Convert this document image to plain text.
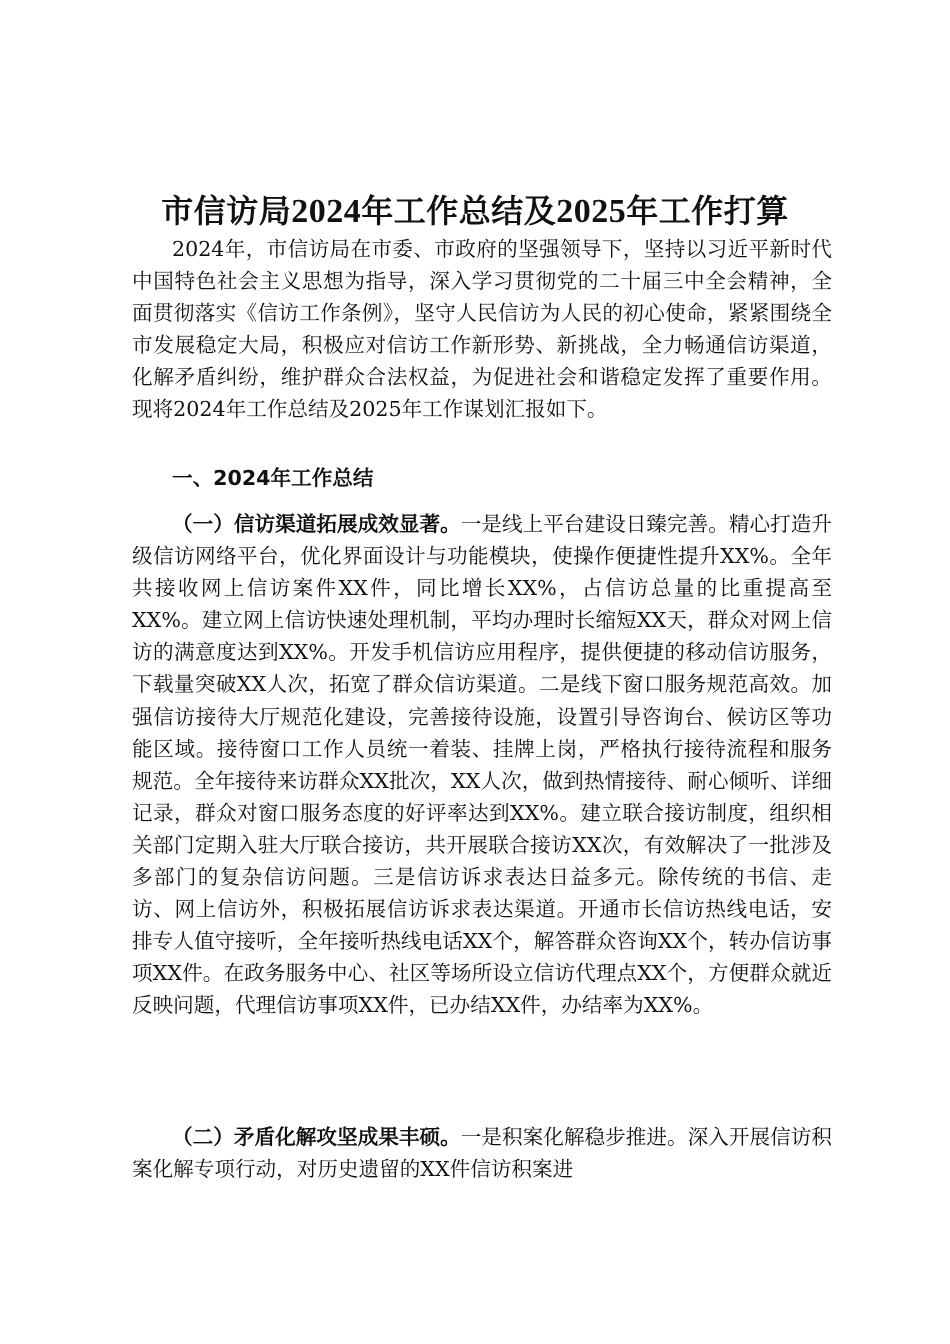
市信访局2024年工作总结及2025年工作打算

2024年，市信访局在市委、市政府的坚强领导下，坚持以习近平新时代中国特色社会主义思想为指导，深入学习贯彻党的二十届三中全会精神，全面贯彻落实《信访工作条例》，坚守人民信访为人民的初心使命，紧紧围绕全市发展稳定大局，积极应对信访工作新形势、新挑战，全力畅通信访渠道，化解矛盾纠纷，维护群众合法权益，为促进社会和谐稳定发挥了重要作用。现将2024年工作总结及2025年工作谋划汇报如下。

一、2024年工作总结

（一）信访渠道拓展成效显著。一是线上平台建设日臻完善。精心打造升级信访网络平台，优化界面设计与功能模块，使操作便捷性提升XX%。全年共接收网上信访案件XX件，同比增长XX%，占信访总量的比重提高至XX%。建立网上信访快速处理机制，平均办理时长缩短XX天，群众对网上信访的满意度达到XX%。开发手机信访应用程序，提供便捷的移动信访服务，下载量突破XX人次，拓宽了群众信访渠道。二是线下窗口服务规范高效。加强信访接待大厅规范化建设，完善接待设施，设置引导咨询台、候访区等功能区域。接待窗口工作人员统一着装、挂牌上岗，严格执行接待流程和服务规范。全年接待来访群众XX批次，XX人次，做到热情接待、耐心倾听、详细记录，群众对窗口服务态度的好评率达到XX%。建立联合接访制度，组织相关部门定期入驻大厅联合接访，共开展联合接访XX次，有效解决了一批涉及多部门的复杂信访问题。三是信访诉求表达日益多元。除传统的书信、走访、网上信访外，积极拓展信访诉求表达渠道。开通市长信访热线电话，安排专人值守接听，全年接听热线电话XX个，解答群众咨询XX个，转办信访事项XX件。在政务服务中心、社区等场所设立信访代理点XX个，方便群众就近反映问题，代理信访事项XX件，已办结XX件，办结率为XX%。

（二）矛盾化解攻坚成果丰硕。一是积案化解稳步推进。深入开展信访积案化解专项行动，对历史遗留的XX件信访积案进
